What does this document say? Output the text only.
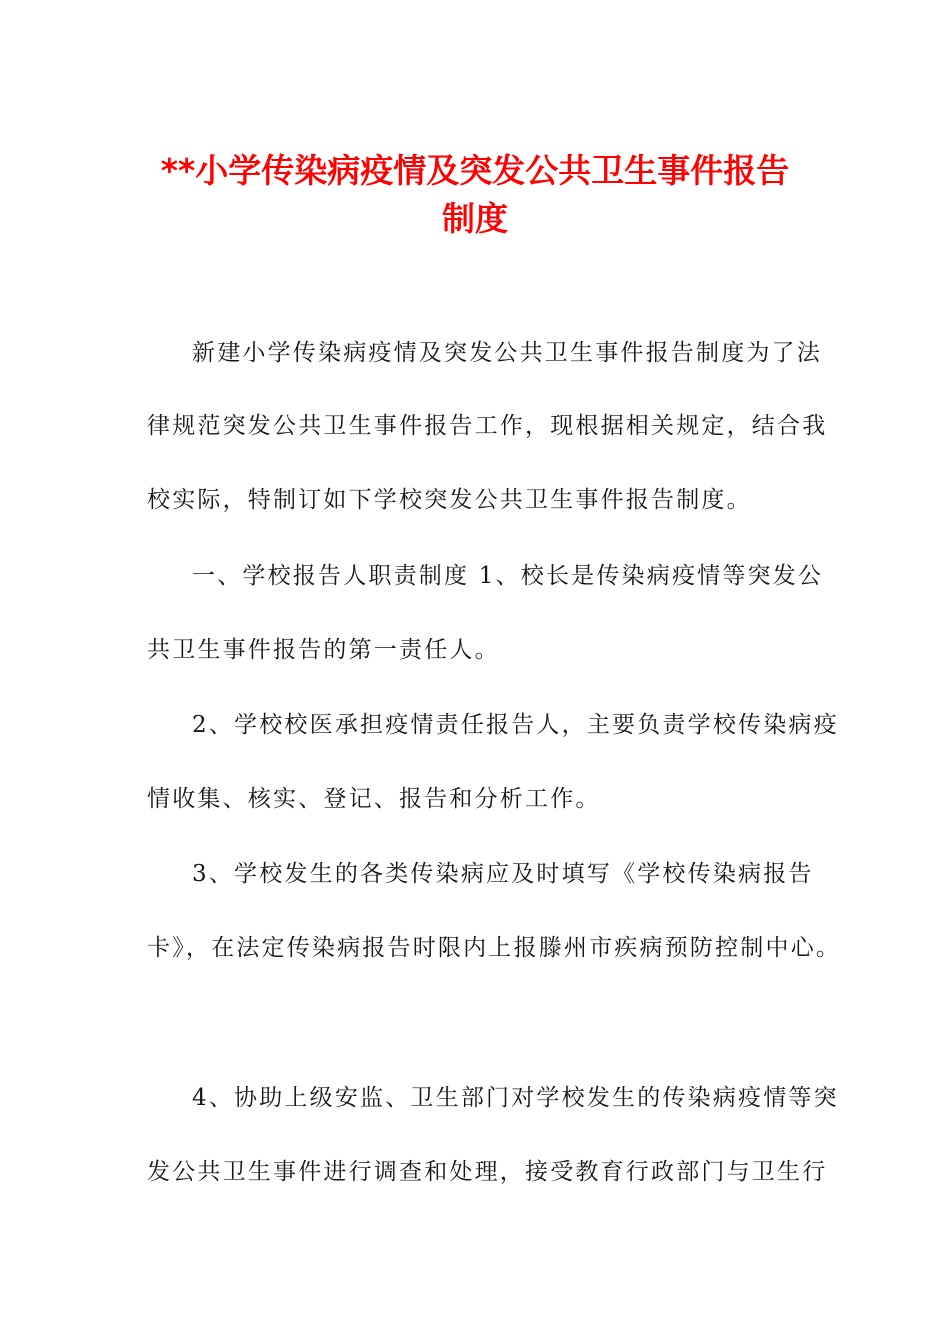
**小学传染病疫情及突发公共卫生事件报告
制度
新建小学传染病疫情及突发公共卫生事件报告制度为了法
律规范突发公共卫生事件报告工作，现根据相关规定，结合我
校实际，特制订如下学校突发公共卫生事件报告制度。
一、学校报告人职责制度 1、校长是传染病疫情等突发公
共卫生事件报告的第一责任人。
2、学校校医承担疫情责任报告人，主要负责学校传染病疫
情收集、核实、登记、报告和分析工作。
3、学校发生的各类传染病应及时填写《学校传染病报告
卡》，在法定传染病报告时限内上报滕州市疾病预防控制中心。
4、协助上级安监、卫生部门对学校发生的传染病疫情等突
发公共卫生事件进行调查和处理，接受教育行政部门与卫生行
